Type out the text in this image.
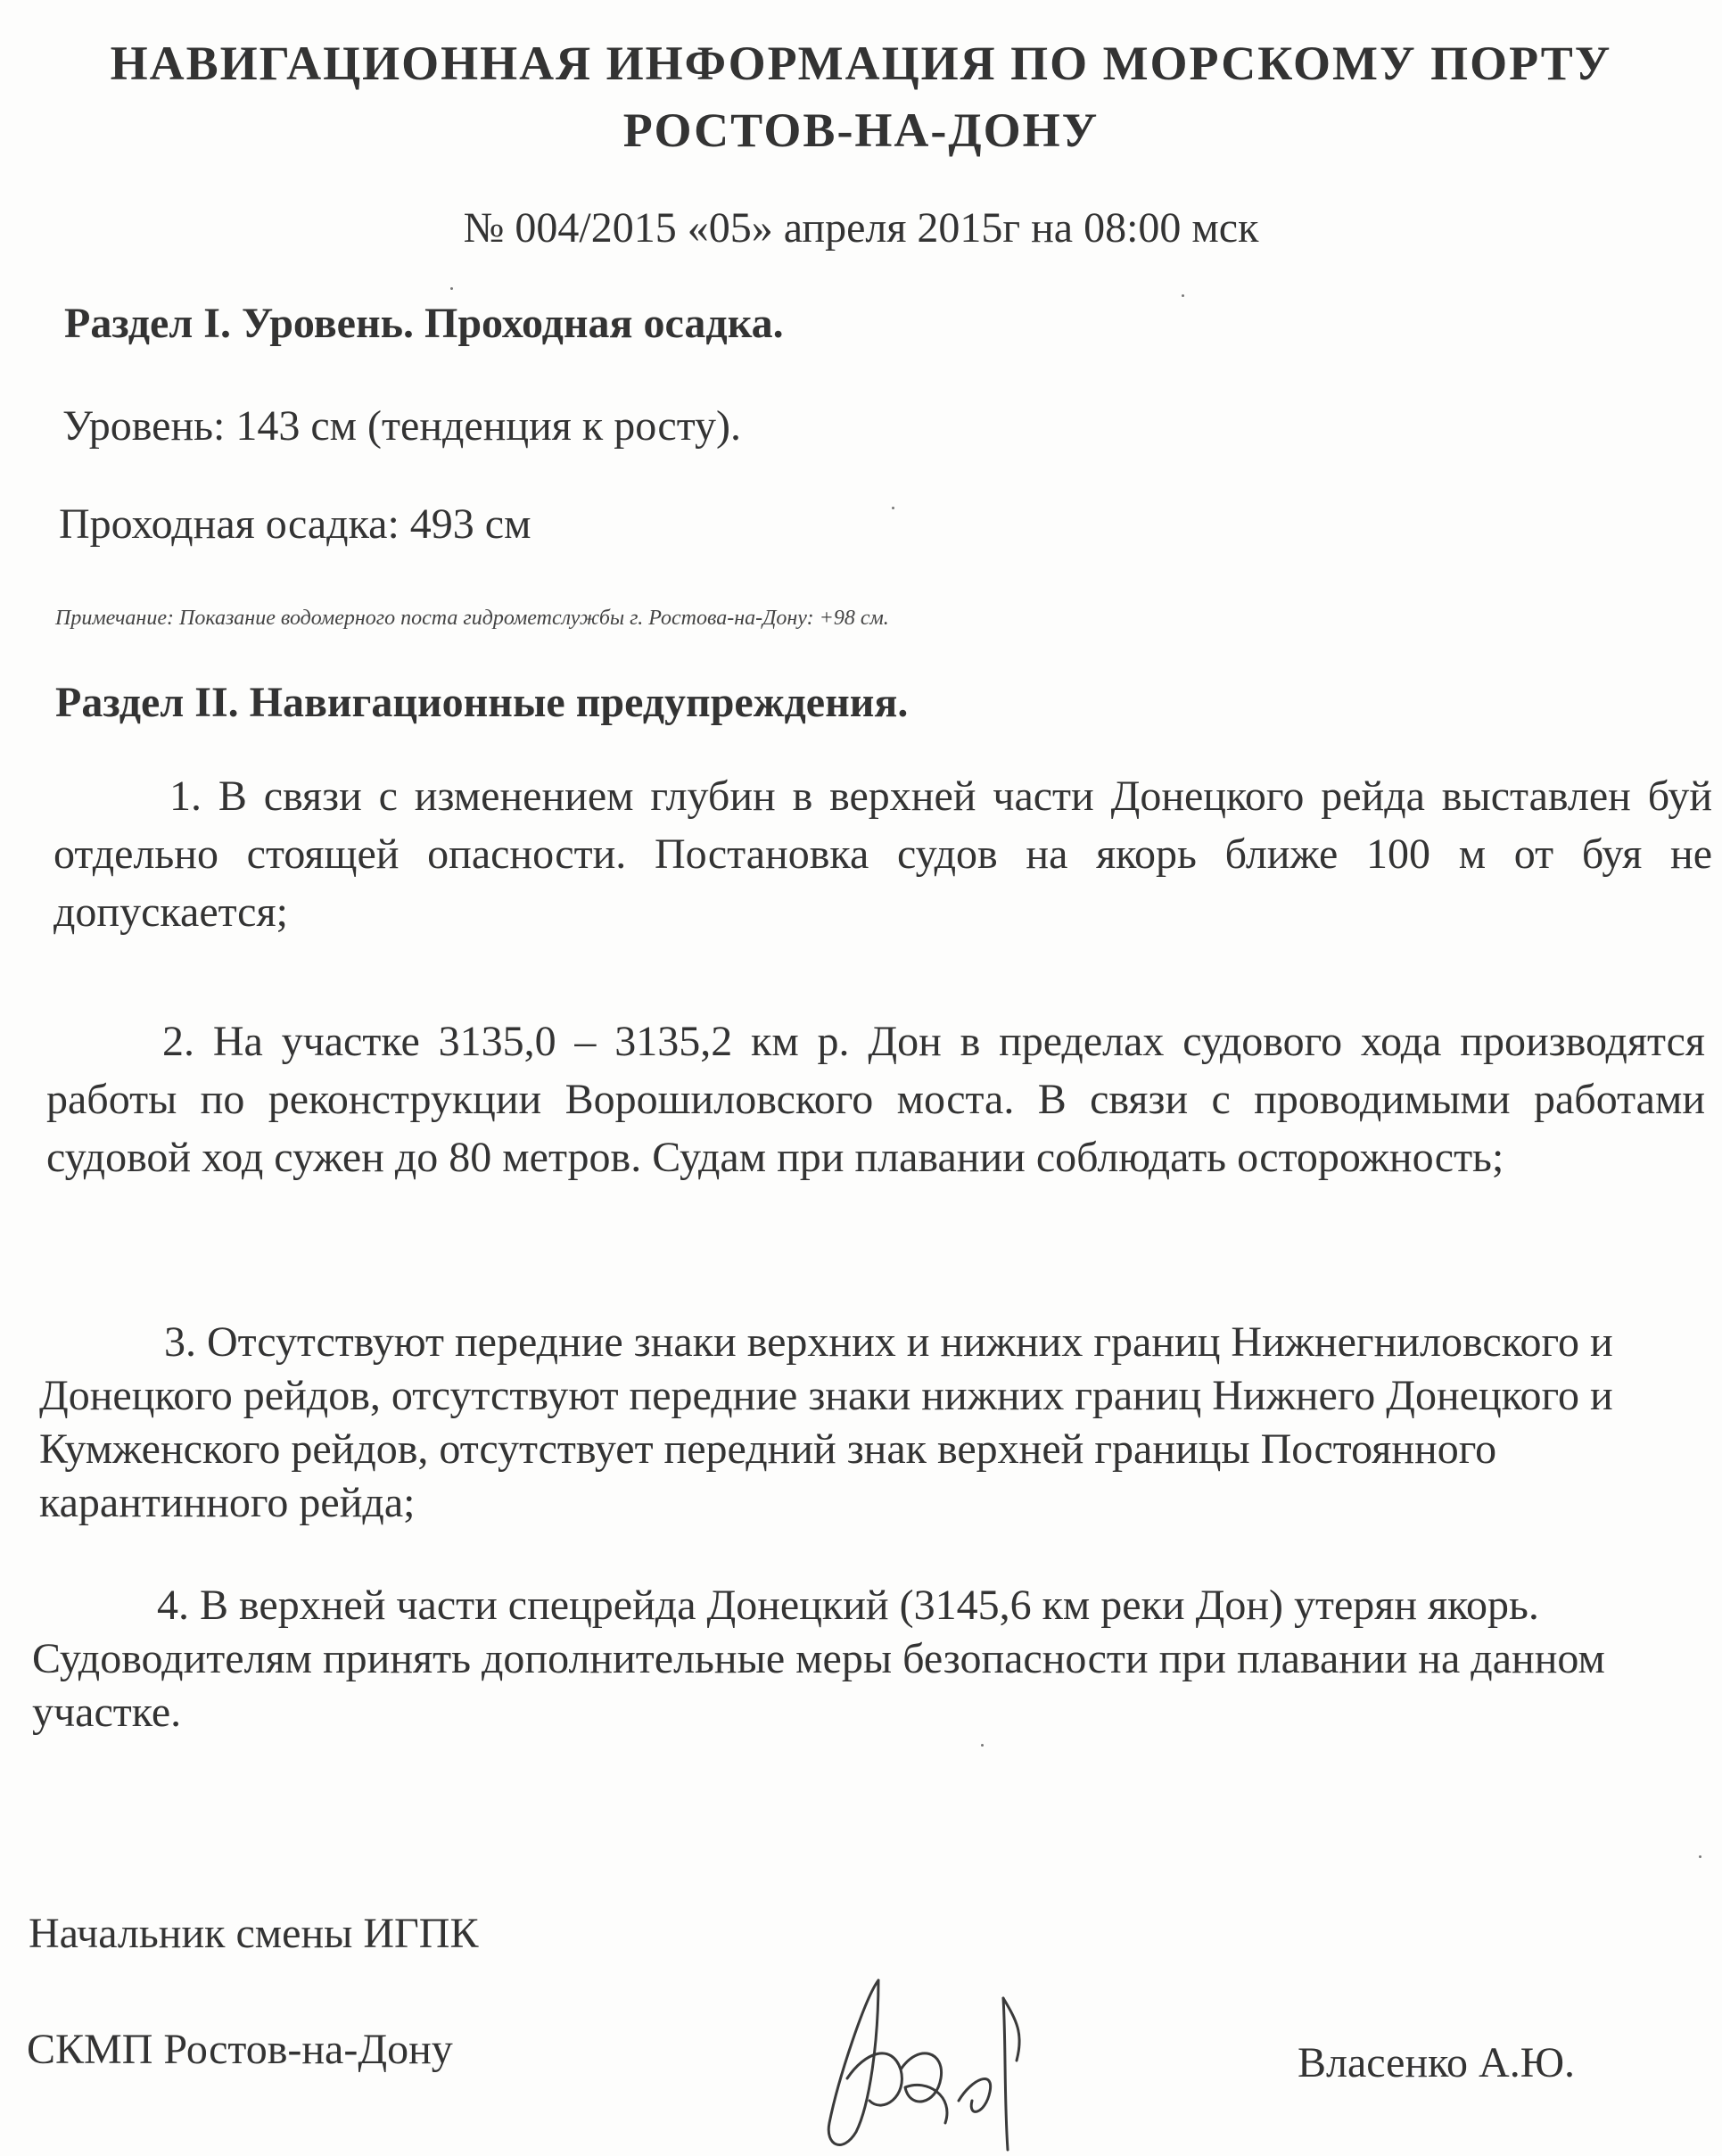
НАВИГАЦИОННАЯ ИНФОРМАЦИЯ ПО МОРСКОМУ ПОРТУ
РОСТОВ-НА-ДОНУ
№ 004/2015 «05» апреля 2015г на 08:00 мск
Раздел I. Уровень. Проходная осадка.
Уровень: 143 см (тенденция к росту).
Проходная осадка: 493 см
Примечание: Показание водомерного поста гидрометслужбы г. Ростова-на-Дону: +98 см.
Раздел II. Навигационные предупреждения.
1. В связи с изменением глубин в верхней части Донецкого рейда выставлен буй отдельно стоящей опасности. Постановка судов на якорь ближе 100 м от буя не допускается;
2. На участке 3135,0 – 3135,2 км р. Дон в пределах судового хода производятся работы по реконструкции Ворошиловского моста. В связи с проводимыми работами судовой ход сужен до 80 метров. Судам при плавании соблюдать осторожность;
3. Отсутствуют передние знаки верхних и нижних границ Нижнегниловского и Донецкого рейдов, отсутствуют передние знаки нижних границ Нижнего Донецкого и Кумженского рейдов, отсутствует передний знак верхней границы Постоянного карантинного рейда;
4. В верхней части спецрейда Донецкий (3145,6 км реки Дон) утерян якорь. Судоводителям принять дополнительные меры безопасности при плавании на данном участке.
Начальник смены ИГПК
СКМП Ростов-на-Дону	Власенко А.Ю.
